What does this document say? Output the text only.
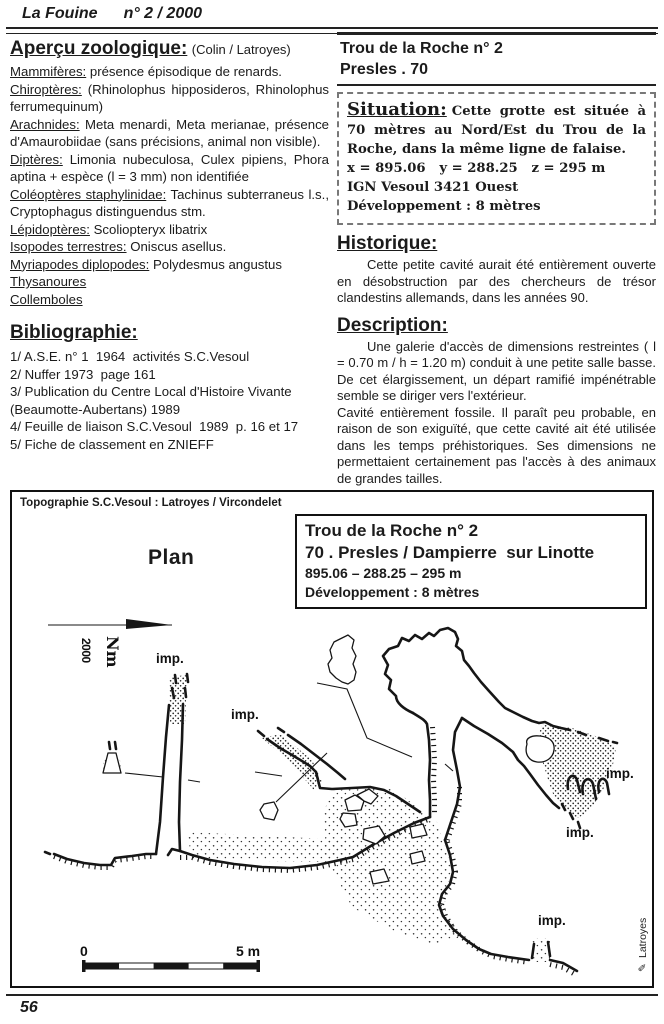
La Fouine n° 2 / 2000
Aperçu zoologique: (Colin / Latroyes)
Mammifères: présence épisodique de renards.
Chiroptères: (Rhinolophus hipposideros, Rhinolophus ferrumequinum)
Arachnides: Meta menardi, Meta merianae, présence d'Amaurobiidae (sans précisions, animal non visible).
Diptères: Limonia nubeculosa, Culex pipiens, Phora aptina + espèce (l = 3 mm) non identifiée
Coléoptères staphylinidae: Tachinus subterraneus l.s., Cryptophagus distinguendus stm.
Lépidoptères: Scoliopteryx libatrix
Isopodes terrestres: Oniscus asellus.
Myriapodes diplopodes: Polydesmus angustus
Thysanoures
Collemboles
Bibliographie:
1/ A.S.E. n° 1  1964  activités S.C.Vesoul
2/ Nuffer 1973  page 161
3/ Publication du Centre Local d'Histoire Vivante (Beaumotte-Aubertans) 1989
4/ Feuille de liaison S.C.Vesoul  1989  p. 16 et 17
5/ Fiche de classement en ZNIEFF
Trou de la Roche n° 2
Presles . 70
Situation: Cette grotte est située à 70 mètres au Nord/Est du Trou de la Roche, dans la même ligne de falaise.
x = 895.06   y = 288.25   z = 295 m
IGN Vesoul 3421 Ouest
Développement : 8 mètres
Historique:
Cette petite cavité aurait été entièrement ouverte en désobstruction par des chercheurs de trésor clandestins allemands, dans les années 90.
Description:
Une galerie d'accès de dimensions restreintes ( l = 0.70 m / h = 1.20 m) conduit à une petite salle basse. De cet élargissement, un départ ramifié impénétrable semble se diriger vers l'extérieur.
Cavité entièrement fossile. Il paraît peu probable, en raison de son exiguïté, que cette cavité ait été utilisée dans les temps préhistoriques. Ses dimensions ne permettaient certainement pas l'accès à des animaux de grandes tailles.
Nm
2000	imp.
imp.
imp.
imp.
imp.
0	5 m
✎
Latroyes
Topographie S.C.Vesoul : Latroyes / Vircondelet
Plan
Trou de la Roche n° 2
70 . Presles / Dampierre  sur Linotte
895.06 – 288.25 – 295 m
Développement : 8 mètres
56
